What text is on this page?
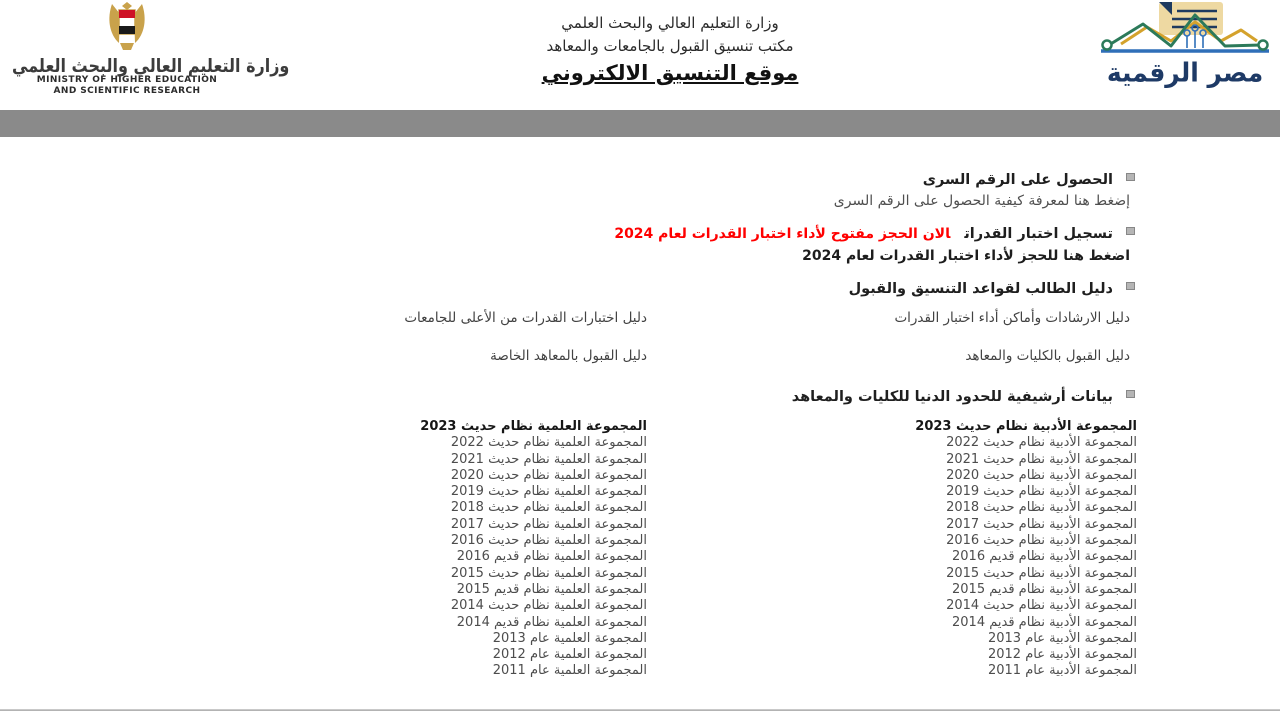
وزارة التعليم العالي والبحث العلمي
MINISTRY OF HIGHER EDUCATION
AND SCIENTIFIC RESEARCH
وزارة التعليم العالي والبحث العلمي
مكتب تنسيق القبول بالجامعات والمعاهد
موقع التنسيق الالكتروني	مصر الرقمية
الحصول على الرقم السرى
إضغط هنا لمعرفة كيفية الحصول على الرقم السرى
تسجيل اختبار القدراتالان الحجز مفتوح لأداء اختبار القدرات لعام 2024
اضغط هنا للحجز لأداء اختبار القدرات لعام 2024
دليل الطالب لقواعد التنسيق والقبول
دليل الارشادات وأماكن أداء اختبار القدرات
دليل اختبارات القدرات من الأعلى للجامعات
دليل القبول بالكليات والمعاهد
دليل القبول بالمعاهد الخاصة
بيانات أرشيفية للحدود الدنيا للكليات والمعاهد
المجموعة الأدبية نظام حديث 2023
المجموعة الأدبية نظام حديث 2022
المجموعة الأدبية نظام حديث 2021
المجموعة الأدبية نظام حديث 2020
المجموعة الأدبية نظام حديث 2019
المجموعة الأدبية نظام حديث 2018
المجموعة الأدبية نظام حديث 2017
المجموعة الأدبية نظام حديث 2016
المجموعة الأدبية نظام قديم 2016
المجموعة الأدبية نظام حديث 2015
المجموعة الأدبية نظام قديم 2015
المجموعة الأدبية نظام حديث 2014
المجموعة الأدبية نظام قديم 2014
المجموعة الأدبية عام 2013
المجموعة الأدبية عام 2012
المجموعة الأدبية عام 2011
المجموعة العلمية نظام حديث 2023
المجموعة العلمية نظام حديث 2022
المجموعة العلمية نظام حديث 2021
المجموعة العلمية نظام حديث 2020
المجموعة العلمية نظام حديث 2019
المجموعة العلمية نظام حديث 2018
المجموعة العلمية نظام حديث 2017
المجموعة العلمية نظام حديث 2016
المجموعة العلمية نظام قديم 2016
المجموعة العلمية نظام حديث 2015
المجموعة العلمية نظام قديم 2015
المجموعة العلمية نظام حديث 2014
المجموعة العلمية نظام قديم 2014
المجموعة العلمية عام 2013
المجموعة العلمية عام 2012
المجموعة العلمية عام 2011
